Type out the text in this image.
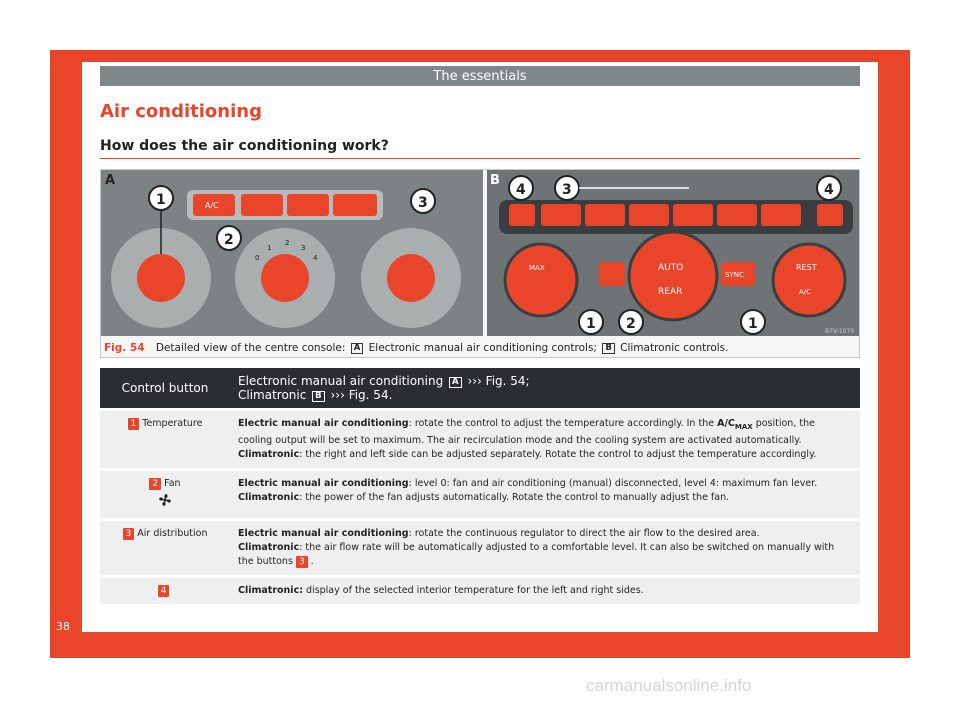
The essentials
Air conditioning
How does the air conditioning work?
A/C
0
1
2
3
4
1
2
3
A
MAX	AUTO
REAR
SYNC
REST
A/C
4	3	4
1 2	1
B
B7V-1070
Fig. 54 Detailed view of the centre console: A Electronic manual air conditioning controls; B Climatronic controls.
Control button	Electronic manual air conditioning A ››› Fig. 54;
Climatronic B ››› Fig. 54.
1 Temperature	Electric manual air conditioning: rotate the control to adjust the temperature accordingly. In the $A/C_{MAX}$ position, the cooling output will be set to maximum. The air recirculation mode and the cooling system are activated automatically.
Climatronic: the right and left side can be adjusted separately. Rotate the control to adjust the temperature accordingly.
2 Fan	Electric manual air conditioning: level 0: fan and air conditioning (manual) disconnected, level 4: maximum fan lever.
Climatronic: the power of the fan adjusts automatically. Rotate the control to manually adjust the fan.
3 Air distribution	Electric manual air conditioning: rotate the continuous regulator to direct the air flow to the desired area.
Climatronic: the air flow rate will be automatically adjusted to a comfortable level. It can also be switched on manually with the buttons 3 .
4	Climatronic: display of the selected interior temperature for the left and right sides.
38
carmanualsonline.info
